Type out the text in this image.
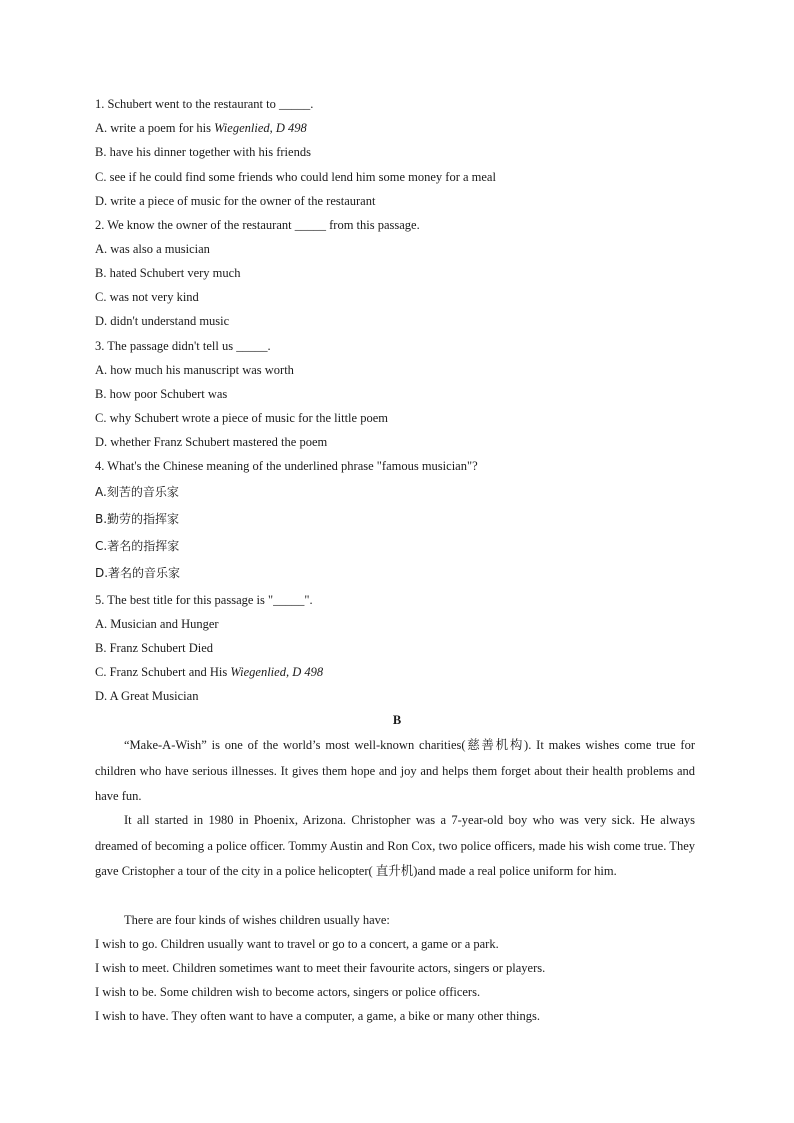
1. Schubert went to the restaurant to _____.
A. write a poem for his Wiegenlied, D 498
B. have his dinner together with his friends
C. see if he could find some friends who could lend him some money for a meal
D. write a piece of music for the owner of the restaurant
2. We know the owner of the restaurant _____ from this passage.
A. was also a musician
B. hated Schubert very much
C. was not very kind
D. didn't understand music
3. The passage didn't tell us _____.
A. how much his manuscript was worth
B. how poor Schubert was
C. why Schubert wrote a piece of music for the little poem
D. whether Franz Schubert mastered the poem
4. What's the Chinese meaning of the underlined phrase "famous musician"?
A.刻苦的音乐家
B.勤劳的指挥家
C.著名的指挥家
D.著名的音乐家
5. The best title for this passage is "_____".
A. Musician and Hunger
B. Franz Schubert Died
C. Franz Schubert and His Wiegenlied, D 498
D. A Great Musician
B
“Make-A-Wish” is one of the world’s most well-known charities(慈善机构). It makes wishes come true for children who have serious illnesses. It gives them hope and joy and helps them forget about their health problems and have fun.
It all started in 1980 in Phoenix, Arizona. Christopher was a 7-year-old boy who was very sick. He always dreamed of becoming a police officer. Tommy Austin and Ron Cox, two police officers, made his wish come true. They gave Cristopher a tour of the city in a police helicopter( 直升机)and made a real police uniform for him.
There are four kinds of wishes children usually have:
I wish to go. Children usually want to travel or go to a concert, a game or a park.
I wish to meet. Children sometimes want to meet their favourite actors, singers or players.
I wish to be. Some children wish to become actors, singers or police officers.
I wish to have. They often want to have a computer, a game, a bike or many other things.
